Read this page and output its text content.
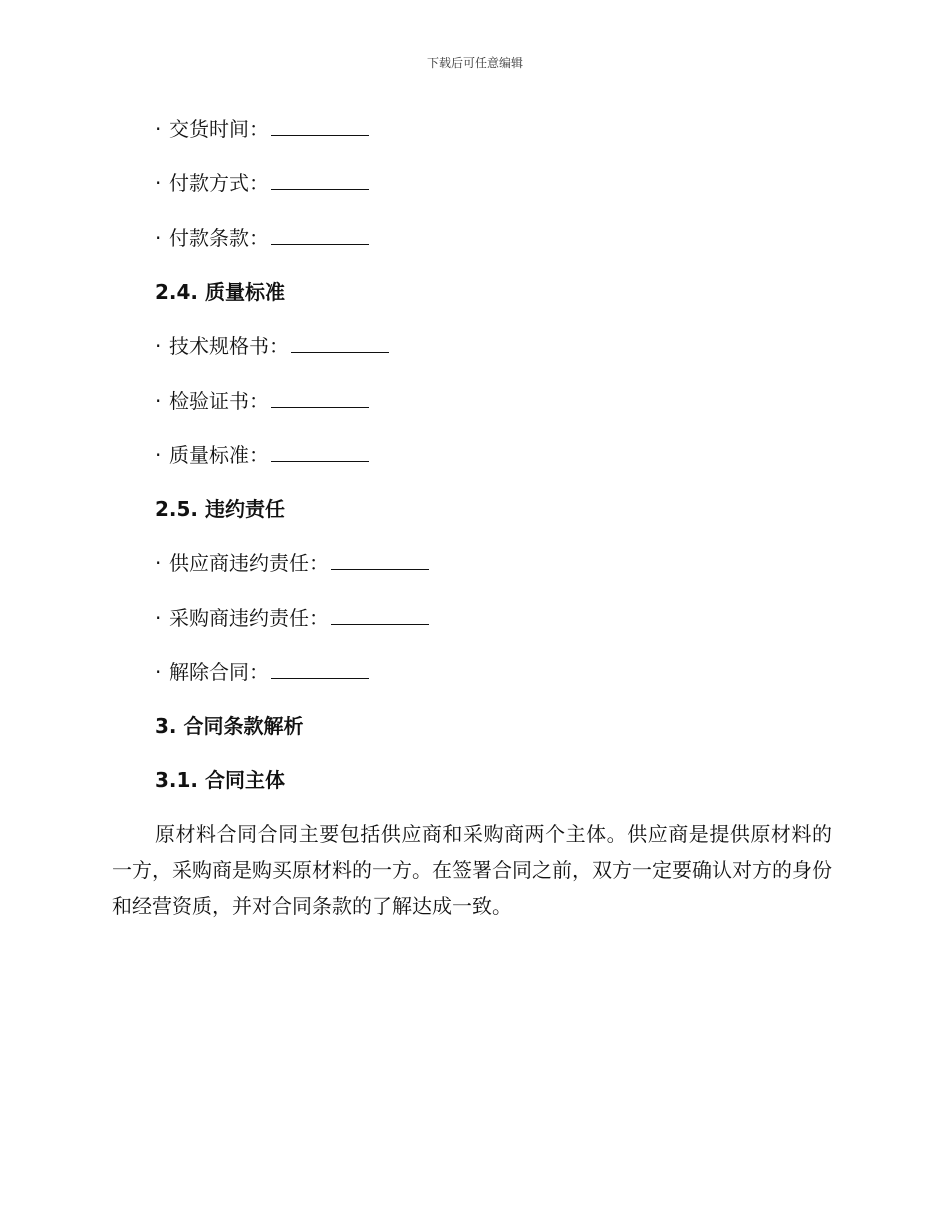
下载后可任意编辑
· 交货时间：
· 付款方式：
· 付款条款：
2.4. 质量标准
· 技术规格书：
· 检验证书：
· 质量标准：
2.5. 违约责任
· 供应商违约责任：
· 采购商违约责任：
· 解除合同：
3. 合同条款解析
3.1. 合同主体
原材料合同合同主要包括供应商和采购商两个主体。供应商是提供原材料的一方，采购商是购买原材料的一方。在签署合同之前，双方一定要确认对方的身份和经营资质，并对合同条款的了解达成一致。
